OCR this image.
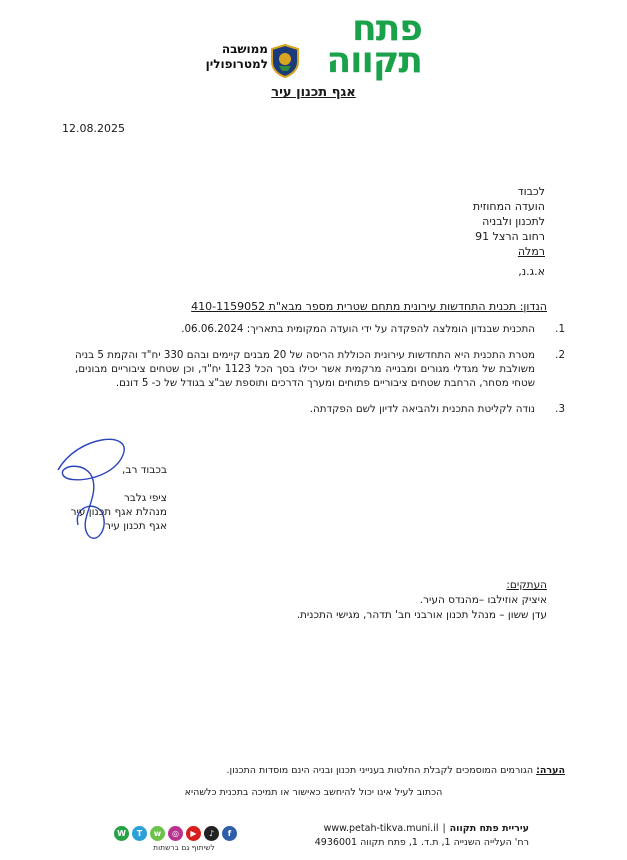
פתח
תקווה
ממושבה
למטרופולין
אגף תכנון עיר
12.08.2025
לכבוד
הועדה המחוזית
לתכנון ולבניה
רחוב הרצל 91
רמלה
א.ג.נ,
הנדון: תכנית התחדשות עירונית מתחם שטרית מספר מבא"ת 410-1159052
1.
התכנית שבנדון הומלצה להפקדה על ידי הועדה המקומית בתאריך: 06.06.2024.
2.
מטרת התכנית היא התחדשות עירונית הכוללת הריסה של 20 מבנים קיימים ובהם 330 יח"ד והקמת 5 בניה משולבת של מגדלי מגורים ומבנייה מרקמית אשר יכילו בסך הכל 1123 יח"ד, וכן שטחים ציבוריים מבונים, שטחי מסחר, הרחבת שטחים ציבוריים פתוחים ומערך הדרכים ותוספת שב"צ בגודל של כ- 5 דונם.
3.
נודה לקליטת התכנית ולהביאה לדיון לשם הפקדתה.
בכבוד רב,
ציפי גלבר
מנהלת אגף תכנון עיר
אגף תכנון עיר
העתקים:
איציק אוזילבו –מהנדס העיר.
עדן ששון – מנהל תכנון אורבני חב' תדהר, מגישי התכנית.
הערה: הגורמים המוסמכים לקבלת החלטות בענייני תכנון ובניה הינם מוסדות התכנון.
הכתוב לעיל אינו יכול להיחשב כאישור או תמיכה בתכנית כלשהיא
W	T	w	◎	▶	♪	f
לשיתוף גם ברשתות
עיריית פתח תקווה|www.petah-tikva.muni.il
רח' העלייה השנייה 1, ת.ד. 1, פתח תקווה 4936001
